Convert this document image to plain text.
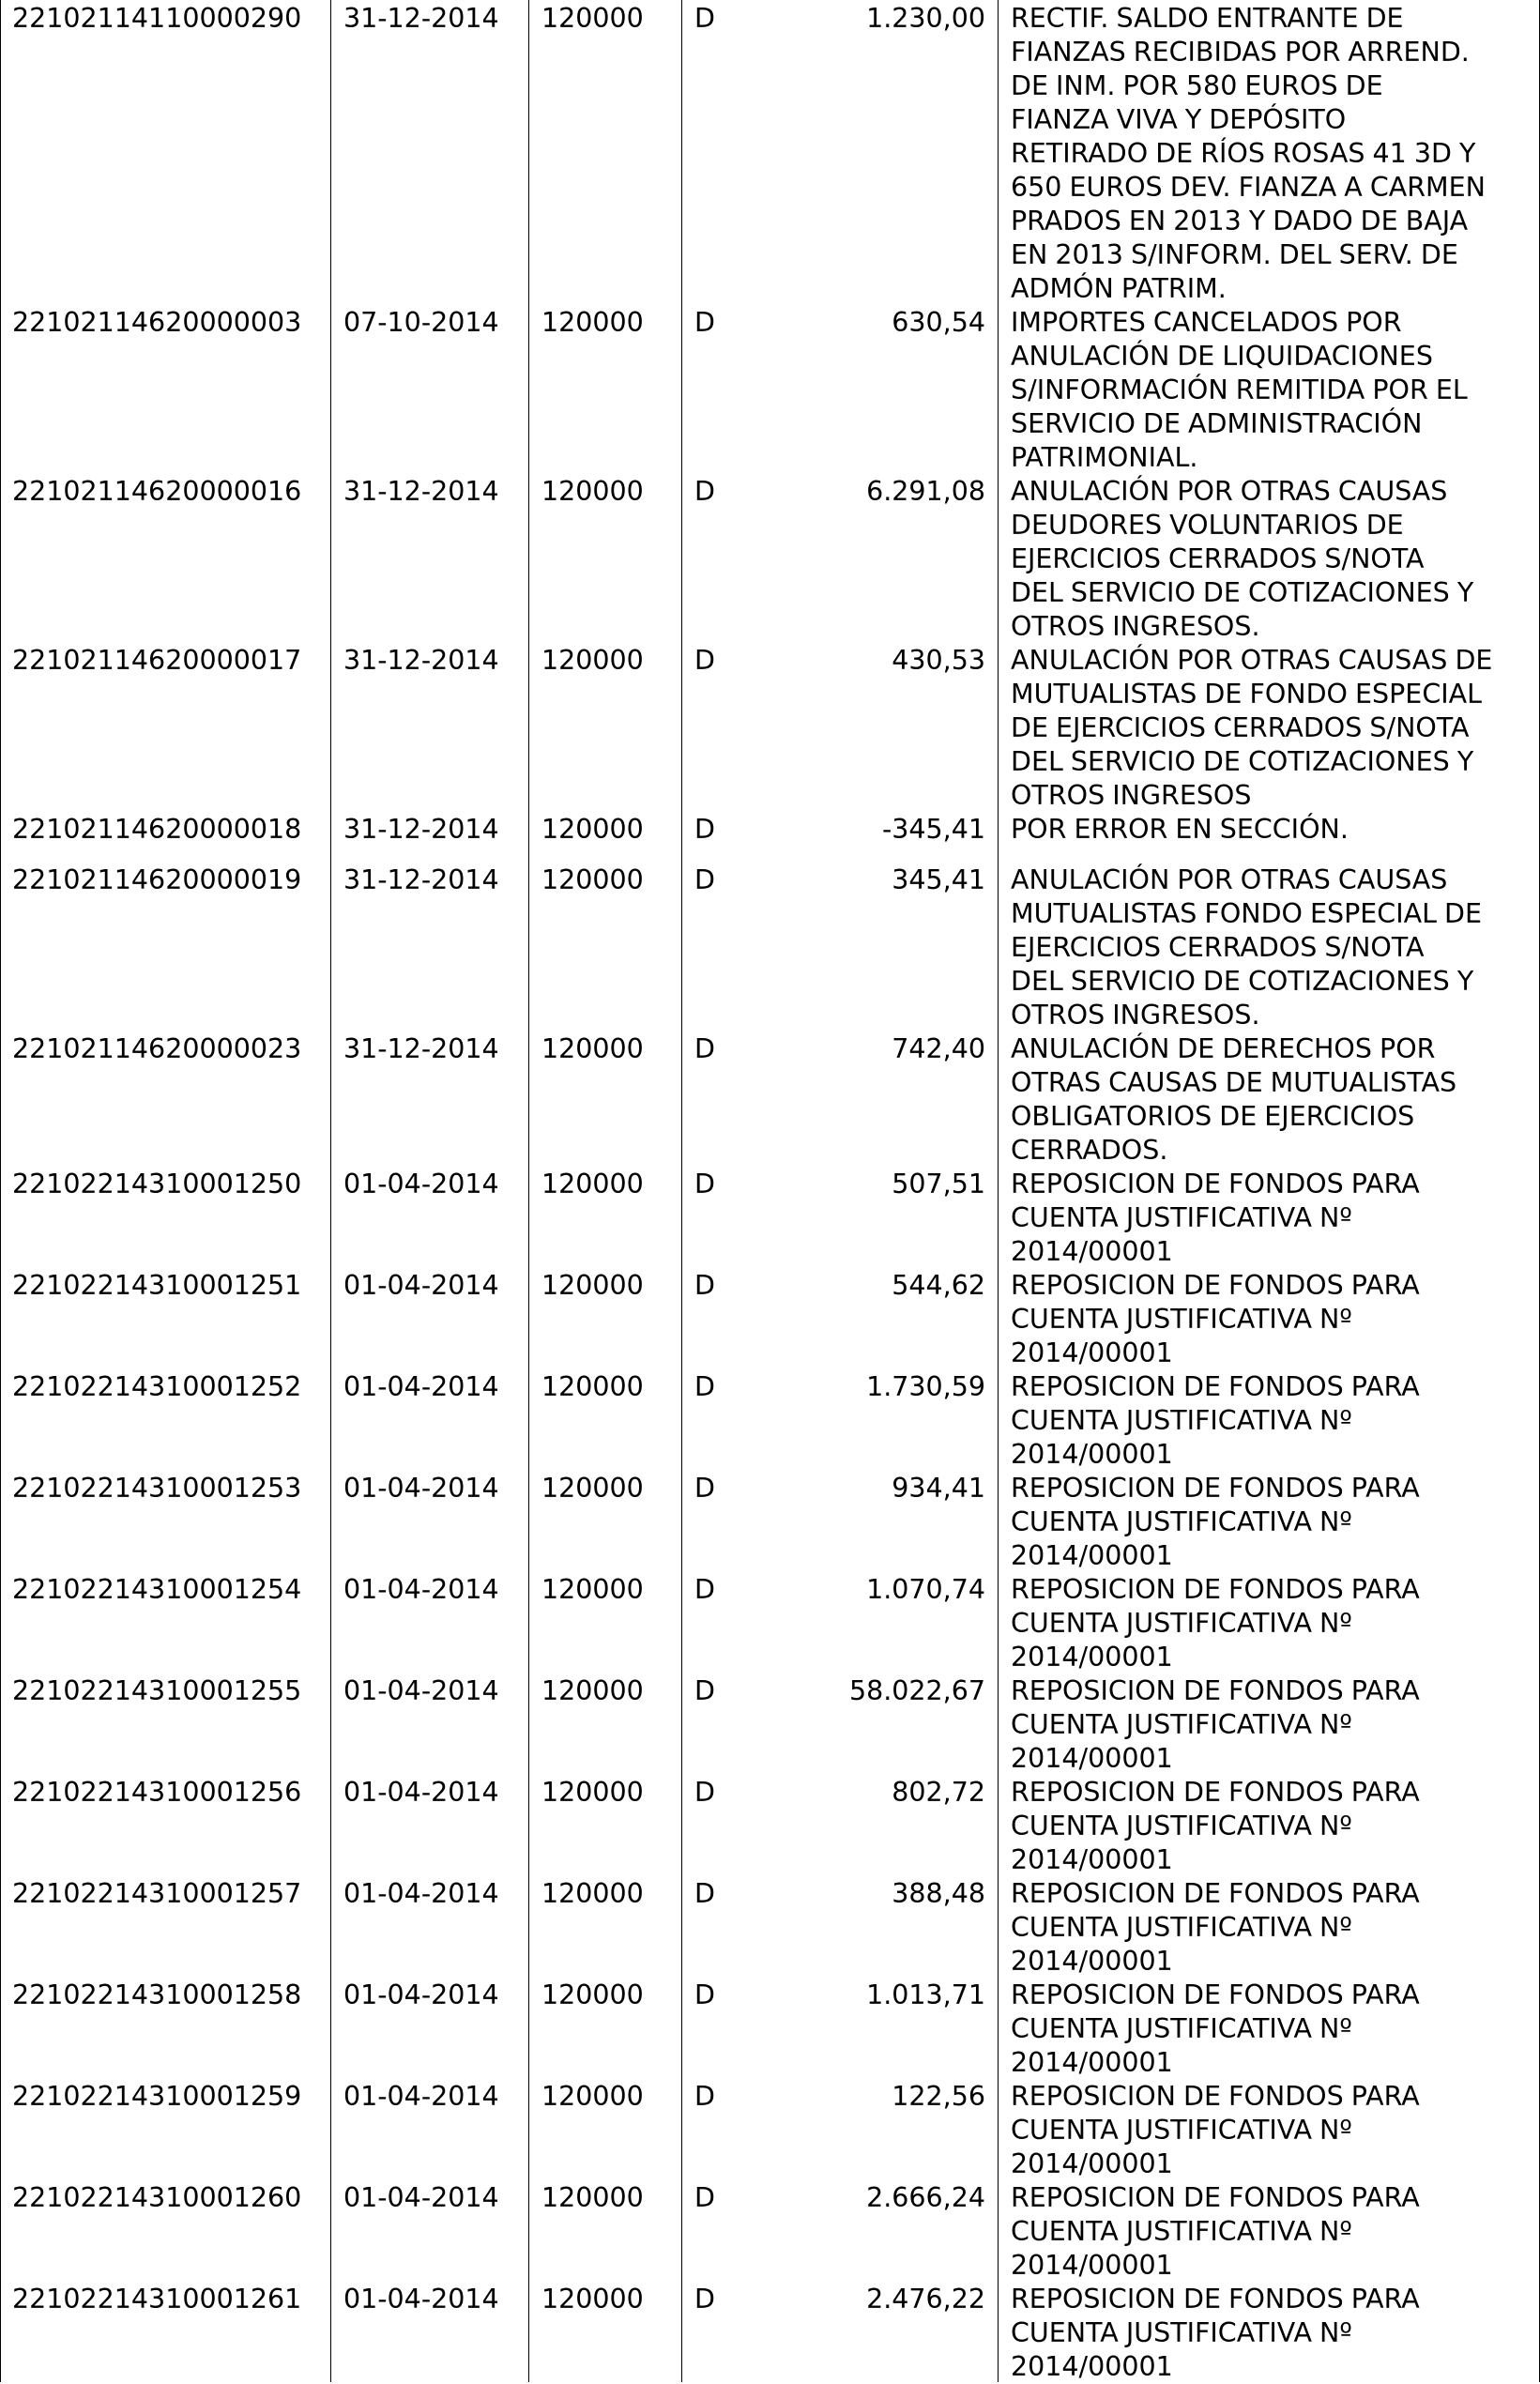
22102114110000290 31-12-2014 120000 D	1.230,00 RECTIF. SALDO ENTRANTE DE
FIANZAS RECIBIDAS POR ARREND.
DE INM. POR 580 EUROS DE
FIANZA VIVA Y DEPÓSITO
RETIRADO DE RÍOS ROSAS 41 3D Y
650 EUROS DEV. FIANZA A CARMEN
PRADOS EN 2013 Y DADO DE BAJA
EN 2013 S/INFORM. DEL SERV. DE
ADMÓN PATRIM.
22102114620000003 07-10-2014 120000 D	630,54 IMPORTES CANCELADOS POR
ANULACIÓN DE LIQUIDACIONES
S/INFORMACIÓN REMITIDA POR EL
SERVICIO DE ADMINISTRACIÓN
PATRIMONIAL.
22102114620000016 31-12-2014 120000 D	6.291,08 ANULACIÓN POR OTRAS CAUSAS
DEUDORES VOLUNTARIOS DE
EJERCICIOS CERRADOS S/NOTA
DEL SERVICIO DE COTIZACIONES Y
OTROS INGRESOS.
22102114620000017 31-12-2014 120000 D	430,53 ANULACIÓN POR OTRAS CAUSAS DE
MUTUALISTAS DE FONDO ESPECIAL
DE EJERCICIOS CERRADOS S/NOTA
DEL SERVICIO DE COTIZACIONES Y
OTROS INGRESOS
22102114620000018 31-12-2014 120000 D	-345,41 POR ERROR EN SECCIÓN.
22102114620000019 31-12-2014 120000 D	345,41 ANULACIÓN POR OTRAS CAUSAS
MUTUALISTAS FONDO ESPECIAL DE
EJERCICIOS CERRADOS S/NOTA
DEL SERVICIO DE COTIZACIONES Y
OTROS INGRESOS.
22102114620000023 31-12-2014 120000 D	742,40 ANULACIÓN DE DERECHOS POR
OTRAS CAUSAS DE MUTUALISTAS
OBLIGATORIOS DE EJERCICIOS
CERRADOS.
22102214310001250 01-04-2014 120000 D	507,51 REPOSICION DE FONDOS PARA
CUENTA JUSTIFICATIVA Nº
2014/00001
22102214310001251 01-04-2014 120000 D	544,62 REPOSICION DE FONDOS PARA
CUENTA JUSTIFICATIVA Nº
2014/00001
22102214310001252 01-04-2014 120000 D	1.730,59 REPOSICION DE FONDOS PARA
CUENTA JUSTIFICATIVA Nº
2014/00001
22102214310001253 01-04-2014 120000 D	934,41 REPOSICION DE FONDOS PARA
CUENTA JUSTIFICATIVA Nº
2014/00001
22102214310001254 01-04-2014 120000 D	1.070,74 REPOSICION DE FONDOS PARA
CUENTA JUSTIFICATIVA Nº
2014/00001
22102214310001255 01-04-2014 120000 D	58.022,67 REPOSICION DE FONDOS PARA
CUENTA JUSTIFICATIVA Nº
2014/00001
22102214310001256 01-04-2014 120000 D	802,72 REPOSICION DE FONDOS PARA
CUENTA JUSTIFICATIVA Nº
2014/00001
22102214310001257 01-04-2014 120000 D	388,48 REPOSICION DE FONDOS PARA
CUENTA JUSTIFICATIVA Nº
2014/00001
22102214310001258 01-04-2014 120000 D	1.013,71 REPOSICION DE FONDOS PARA
CUENTA JUSTIFICATIVA Nº
2014/00001
22102214310001259 01-04-2014 120000 D	122,56 REPOSICION DE FONDOS PARA
CUENTA JUSTIFICATIVA Nº
2014/00001
22102214310001260 01-04-2014 120000 D	2.666,24 REPOSICION DE FONDOS PARA
CUENTA JUSTIFICATIVA Nº
2014/00001
22102214310001261 01-04-2014 120000 D	2.476,22 REPOSICION DE FONDOS PARA
CUENTA JUSTIFICATIVA Nº
2014/00001
